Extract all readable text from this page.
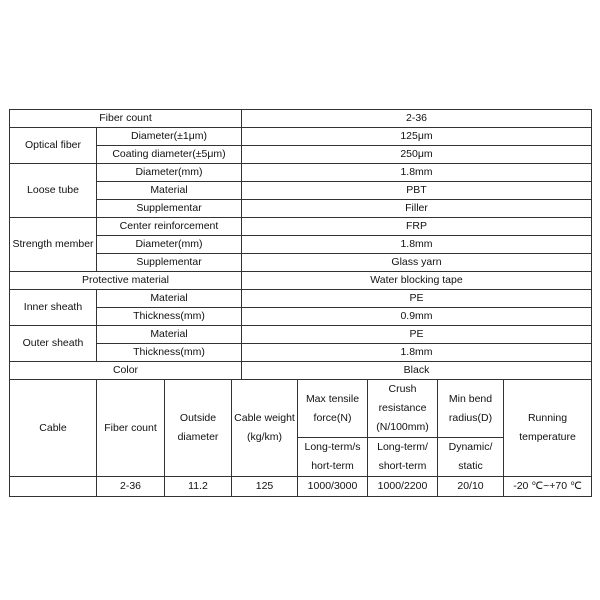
Fiber count		2-36
Optical fiber	Diameter(±1μm)	125μm
	Coating diameter(±5μm)	250μm
Loose tube	Diameter(mm)	1.8mm
	Material	PBT
	Supplementar	Filler
Strength member	Center reinforcement	FRP
	Diameter(mm)	1.8mm
	Supplementar	Glass yarn
Protective material		Water blocking tape
Inner sheath	Material	PE
	Thickness(mm)	0.9mm
Outer sheath	Material	PE
	Thickness(mm)	1.8mm
Color		Black
Cable	Fiber count	Outside diameter	Cable weight (kg/km)	Max tensile force(N)	Crush resistance (N/100mm)	Min bend radius(D)	Running temperature
				Long-term/s hort-term	Long-term/ short-term	Dynamic/ static	
	2-36	11.2	125	1000/3000	1000/2200	20/10	-20 ℃~+70 ℃
